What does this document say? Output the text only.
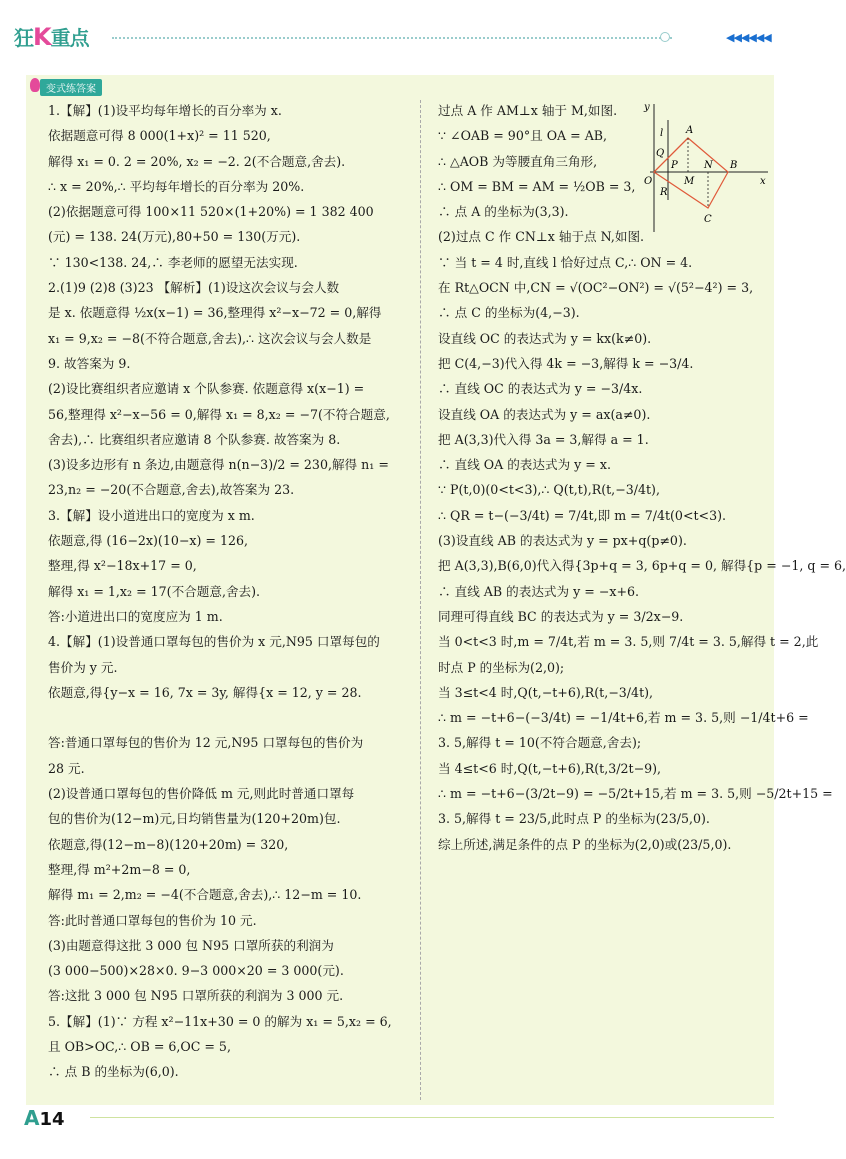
狂K重点	◀◀◀◀◀◀
变式练答案
1.【解】(1)设平均每年增长的百分率为 x.
依据题意可得 8 000(1+x)² = 11 520,
解得 x₁ = 0. 2 = 20%, x₂ = −2. 2(不合题意,舍去).
∴ x = 20%,∴ 平均每年增长的百分率为 20%.
(2)依据题意可得 100×11 520×(1+20%) = 1 382 400
(元) = 138. 24(万元),80+50 = 130(万元).
∵ 130<138. 24,∴ 李老师的愿望无法实现.
2.(1)9 (2)8 (3)23 【解析】(1)设这次会议与会人数
是 x. 依题意得 ½x(x−1) = 36,整理得 x²−x−72 = 0,解得
x₁ = 9,x₂ = −8(不符合题意,舍去),∴ 这次会议与会人数是
9. 故答案为 9.
(2)设比赛组织者应邀请 x 个队参赛. 依题意得 x(x−1) =
56,整理得 x²−x−56 = 0,解得 x₁ = 8,x₂ = −7(不符合题意,
舍去),∴ 比赛组织者应邀请 8 个队参赛. 故答案为 8.
(3)设多边形有 n 条边,由题意得 n(n−3)/2 = 230,解得 n₁ =
23,n₂ = −20(不合题意,舍去),故答案为 23.
3.【解】设小道进出口的宽度为 x m.
依题意,得 (16−2x)(10−x) = 126,
整理,得 x²−18x+17 = 0,
解得 x₁ = 1,x₂ = 17(不合题意,舍去).
答:小道进出口的宽度应为 1 m.
4.【解】(1)设普通口罩每包的售价为 x 元,N95 口罩每包的
售价为 y 元.
依题意,得{y−x = 16, 7x = 3y, 解得{x = 12, y = 28.

答:普通口罩每包的售价为 12 元,N95 口罩每包的售价为
28 元.
(2)设普通口罩每包的售价降低 m 元,则此时普通口罩每
包的售价为(12−m)元,日均销售量为(120+20m)包.
依题意,得(12−m−8)(120+20m) = 320,
整理,得 m²+2m−8 = 0,
解得 m₁ = 2,m₂ = −4(不合题意,舍去),∴ 12−m = 10.
答:此时普通口罩每包的售价为 10 元.
(3)由题意得这批 3 000 包 N95 口罩所获的利润为
(3 000−500)×28×0. 9−3 000×20 = 3 000(元).
答:这批 3 000 包 N95 口罩所获的利润为 3 000 元.
5.【解】(1)∵ 方程 x²−11x+30 = 0 的解为 x₁ = 5,x₂ = 6,
且 OB>OC,∴ OB = 6,OC = 5,
∴ 点 B 的坐标为(6,0).
过点 A 作 AM⊥x 轴于 M,如图.
∵ ∠OAB = 90°且 OA = AB,
∴ △AOB 为等腰直角三角形,
∴ OM = BM = AM = ½OB = 3,
∴ 点 A 的坐标为(3,3).
(2)过点 C 作 CN⊥x 轴于点 N,如图.
∵ 当 t = 4 时,直线 l 恰好过点 C,∴ ON = 4.
在 Rt△OCN 中,CN = √(OC²−ON²) = √(5²−4²) = 3,
∴ 点 C 的坐标为(4,−3).
设直线 OC 的表达式为 y = kx(k≠0).
把 C(4,−3)代入得 4k = −3,解得 k = −3/4.
∴ 直线 OC 的表达式为 y = −3/4x.
设直线 OA 的表达式为 y = ax(a≠0).
把 A(3,3)代入得 3a = 3,解得 a = 1.
∴ 直线 OA 的表达式为 y = x.
∵ P(t,0)(0<t<3),∴ Q(t,t),R(t,−3/4t),
∴ QR = t−(−3/4t) = 7/4t,即 m = 7/4t(0<t<3).
(3)设直线 AB 的表达式为 y = px+q(p≠0).
把 A(3,3),B(6,0)代入得{3p+q = 3, 6p+q = 0, 解得{p = −1, q = 6,
∴ 直线 AB 的表达式为 y = −x+6.
同理可得直线 BC 的表达式为 y = 3/2x−9.
当 0<t<3 时,m = 7/4t,若 m = 3. 5,则 7/4t = 3. 5,解得 t = 2,此
时点 P 的坐标为(2,0);
当 3≤t<4 时,Q(t,−t+6),R(t,−3/4t),
∴ m = −t+6−(−3/4t) = −1/4t+6,若 m = 3. 5,则 −1/4t+6 =
3. 5,解得 t = 10(不符合题意,舍去);
当 4≤t<6 时,Q(t,−t+6),R(t,3/2t−9),
∴ m = −t+6−(3/2t−9) = −5/2t+15,若 m = 3. 5,则 −5/2t+15 =
3. 5,解得 t = 23/5,此时点 P 的坐标为(23/5,0).
综上所述,满足条件的点 P 的坐标为(2,0)或(23/5,0).
y
x
l A
Q
P	N B
O	M
R
C
A14
